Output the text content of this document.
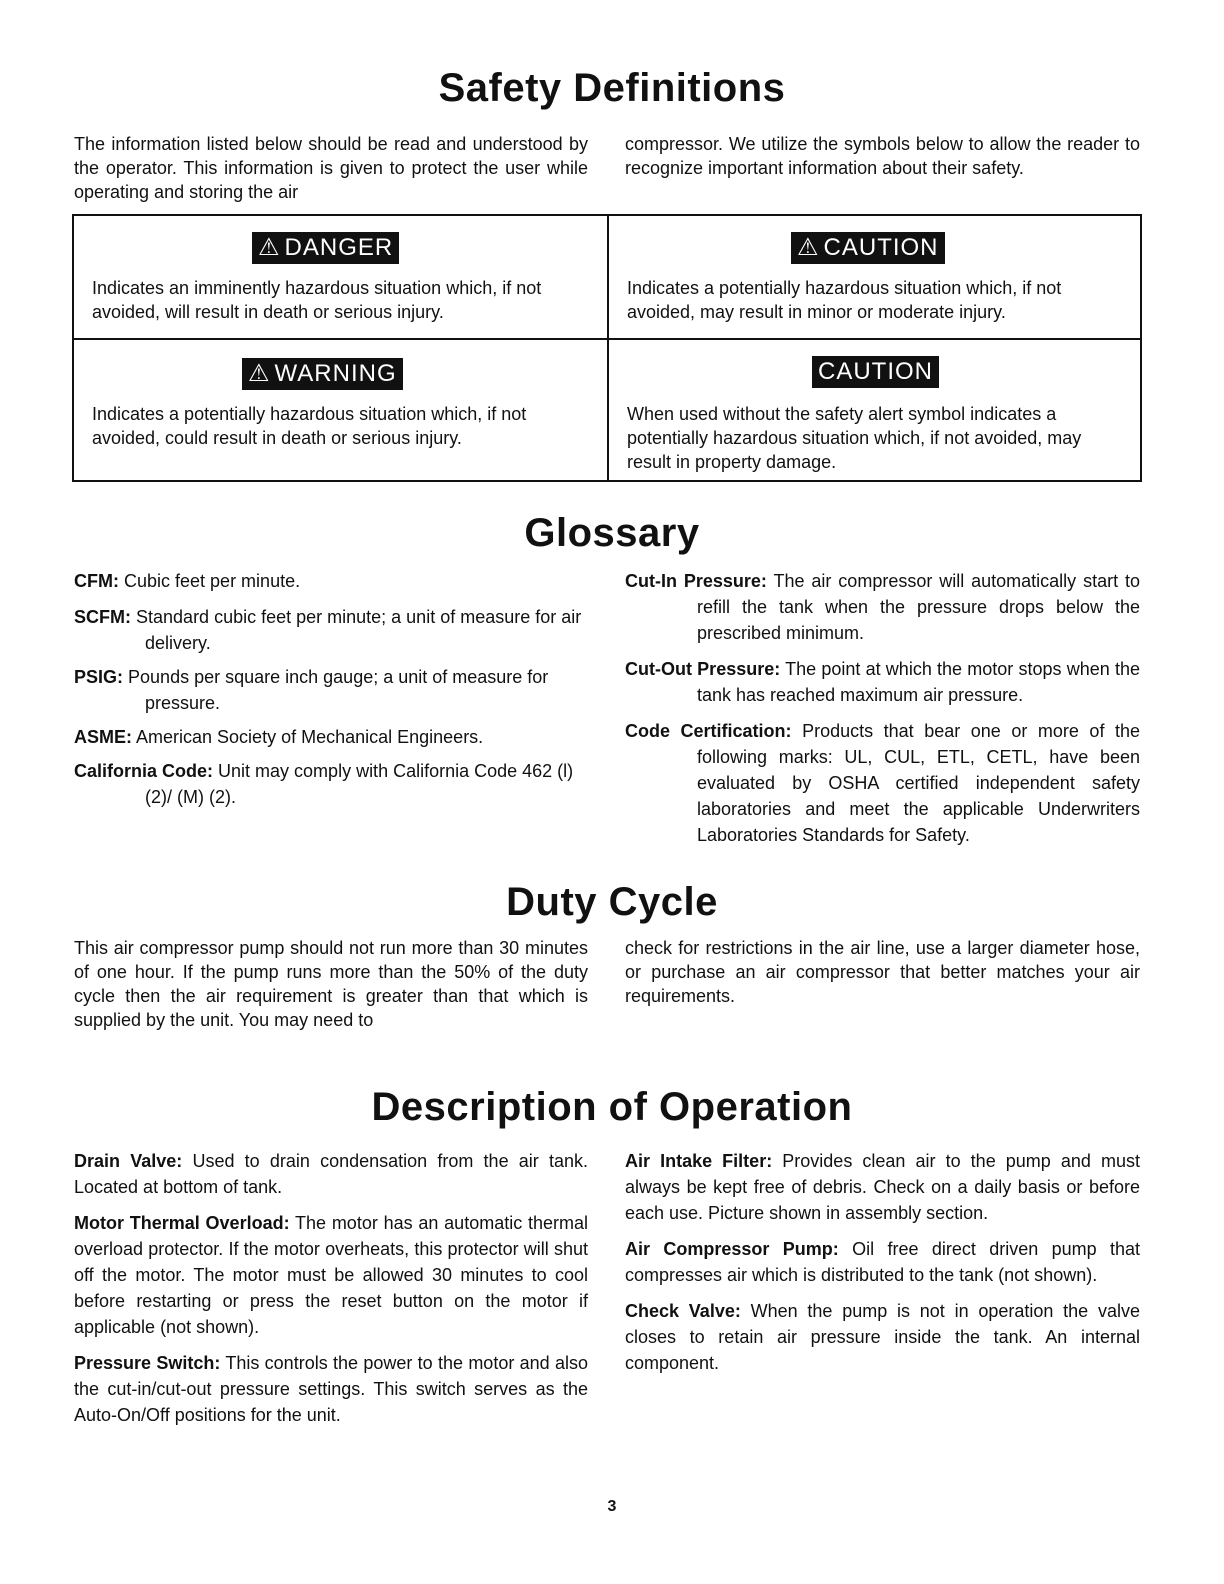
Safety Definitions
The information listed below should be read and understood by the operator. This information is given to protect the user while operating and storing the air
compressor. We utilize the symbols below to allow the reader to recognize important information about their safety.
⚠ DANGER
Indicates an imminently hazardous situation which, if not avoided, will result in death or serious injury.
⚠ CAUTION
Indicates a potentially hazardous situation which, if not avoided, may result in minor or moderate injury.
⚠ WARNING
Indicates a potentially hazardous situation which, if not avoided, could result in death or serious injury.
CAUTION
When used without the safety alert symbol indicates a potentially hazardous situation which, if not avoided, may result in property damage.
Glossary
CFM: Cubic feet per minute.
SCFM: Standard cubic feet per minute; a unit of measure for air delivery.
PSIG: Pounds per square inch gauge; a unit of measure for pressure.
ASME: American Society of Mechanical Engineers.
California Code: Unit may comply with California Code 462 (l) (2)/ (M) (2).
Cut-In Pressure: The air compressor will automatically start to refill the tank when the pressure drops below the prescribed minimum.
Cut-Out Pressure: The point at which the motor stops when the tank has reached maximum air pressure.
Code Certification: Products that bear one or more of the following marks: UL, CUL, ETL, CETL, have been evaluated by OSHA certified independent safety laboratories and meet the applicable Underwriters Laboratories Standards for Safety.
Duty Cycle
This air compressor pump should not run more than 30 minutes of one hour. If the pump runs more than the 50% of the duty cycle then the air requirement is greater than that which is supplied by the unit. You may need to
check for restrictions in the air line, use a larger diameter hose, or purchase an air compressor that better matches your air requirements.
Description of Operation

Drain Valve: Used to drain condensation from the air tank. Located at bottom of tank.

Motor Thermal Overload: The motor has an automatic thermal overload protector. If the motor overheats, this protector will shut off the motor. The motor must be allowed 30 minutes to cool before restarting or press the reset button on the motor if applicable (not shown).

Pressure Switch: This controls the power to the motor and also the cut-in/cut-out pressure settings. This switch serves as the Auto-On/Off positions for the unit.

Air Intake Filter: Provides clean air to the pump and must always be kept free of debris. Check on a daily basis or before each use. Picture shown in assembly section.

Air Compressor Pump: Oil free direct driven pump that compresses air which is distributed to the tank (not shown).

Check Valve: When the pump is not in operation the valve closes to retain air pressure inside the tank. An internal component.

3
